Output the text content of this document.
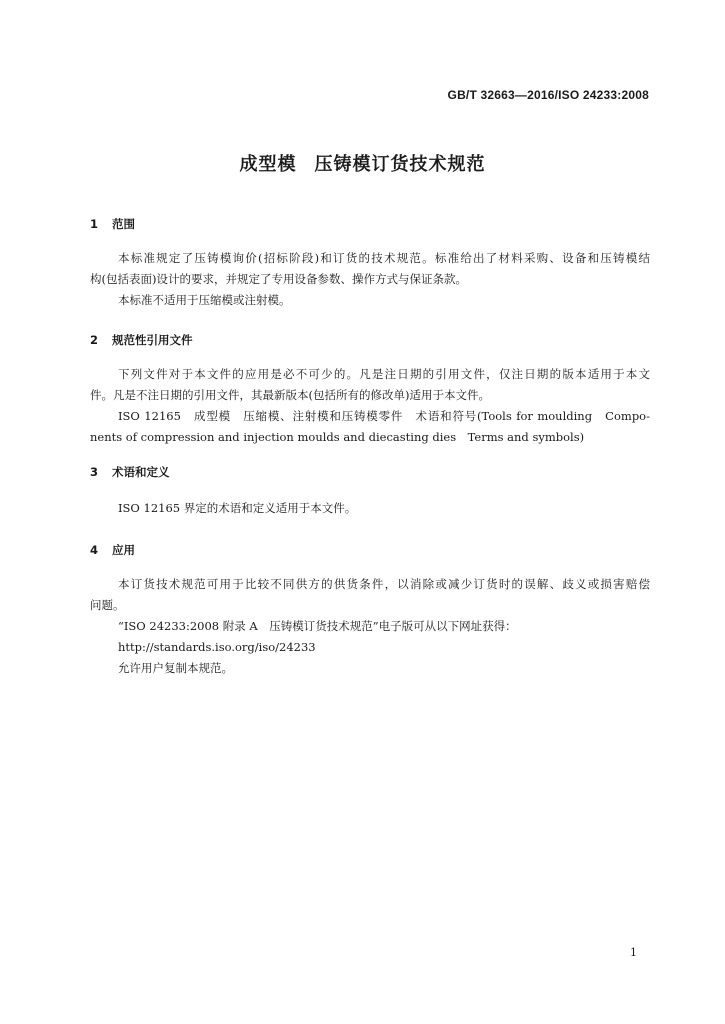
GB/T 32663—2016/ISO 24233:2008
成型模 压铸模订货技术规范
1 范围
本标准规定了压铸模询价(招标阶段)和订货的技术规范。标准给出了材料采购、设备和压铸模结
构(包括表面)设计的要求，并规定了专用设备参数、操作方式与保证条款。
本标准不适用于压缩模或注射模。
2 规范性引用文件
下列文件对于本文件的应用是必不可少的。凡是注日期的引用文件，仅注日期的版本适用于本文
件。凡是不注日期的引用文件，其最新版本(包括所有的修改单)适用于本文件。
ISO 12165　成型模　压缩模、注射模和压铸模零件　术语和符号(Tools for moulding　Compo-
nents of compression and injection moulds and diecasting dies　Terms and symbols)
3 术语和定义
ISO 12165 界定的术语和定义适用于本文件。
4 应用
本订货技术规范可用于比较不同供方的供货条件，以消除或减少订货时的误解、歧义或损害赔偿
问题。
“ISO 24233:2008 附录 A　压铸模订货技术规范”电子版可从以下网址获得：
http://standards.iso.org/iso/24233
允许用户复制本规范。
1
